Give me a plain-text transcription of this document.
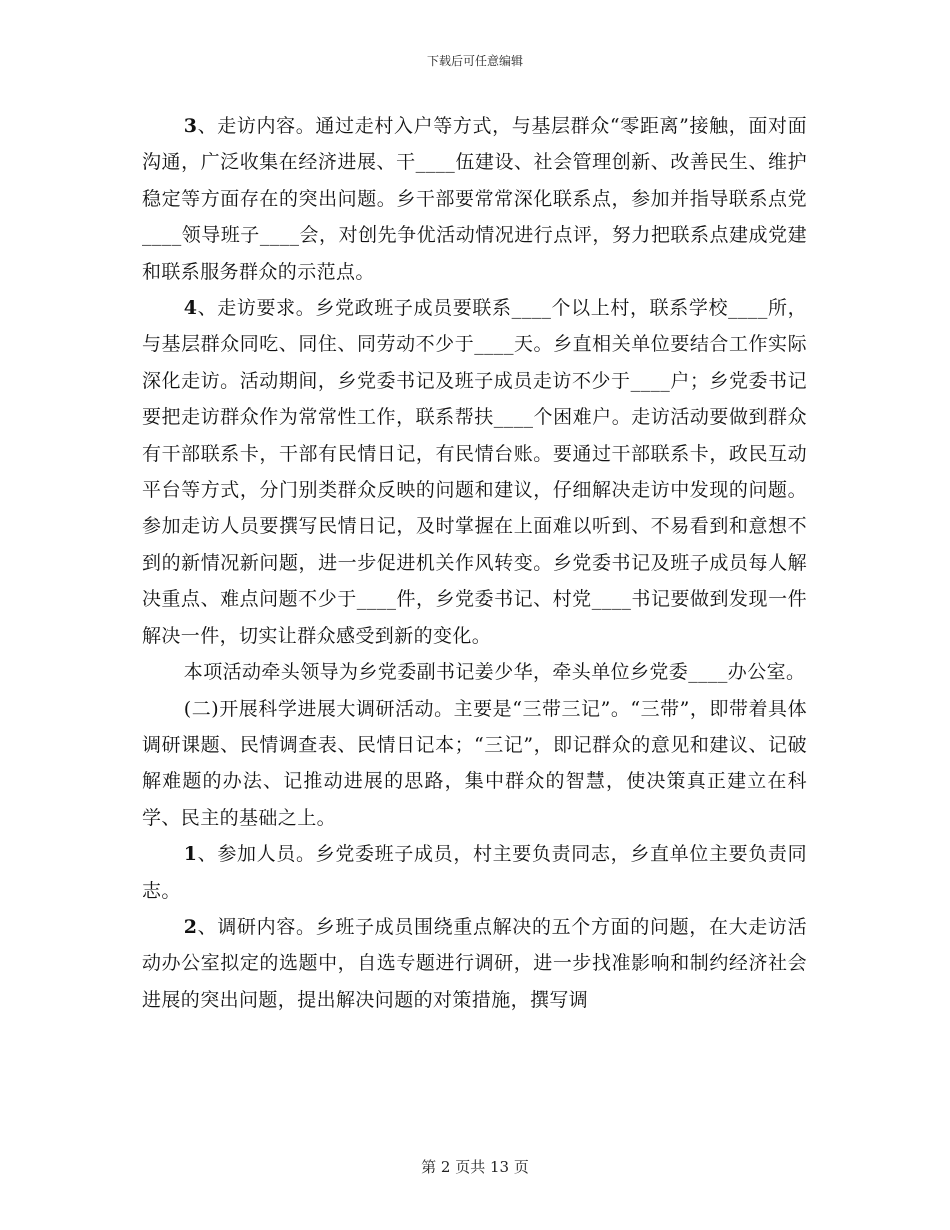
下载后可任意编辑

3、走访内容。通过走村入户等方式，与基层群众“零距离”接触，面对面沟通，广泛收集在经济进展、干____伍建设、社会管理创新、改善民生、维护稳定等方面存在的突出问题。乡干部要常常深化联系点，参加并指导联系点党____领导班子____会，对创先争优活动情况进行点评，努力把联系点建成党建和联系服务群众的示范点。

4、走访要求。乡党政班子成员要联系____个以上村，联系学校____所，与基层群众同吃、同住、同劳动不少于____天。乡直相关单位要结合工作实际深化走访。活动期间，乡党委书记及班子成员走访不少于____户；乡党委书记要把走访群众作为常常性工作，联系帮扶____个困难户。走访活动要做到群众有干部联系卡，干部有民情日记，有民情台账。要通过干部联系卡，政民互动平台等方式，分门别类群众反映的问题和建议，仔细解决走访中发现的问题。参加走访人员要撰写民情日记，及时掌握在上面难以听到、不易看到和意想不到的新情况新问题，进一步促进机关作风转变。乡党委书记及班子成员每人解决重点、难点问题不少于____件，乡党委书记、村党____书记要做到发现一件解决一件，切实让群众感受到新的变化。

本项活动牵头领导为乡党委副书记姜少华，牵头单位乡党委____办公室。

(二)开展科学进展大调研活动。主要是“三带三记”。“三带”，即带着具体调研课题、民情调查表、民情日记本；“三记”，即记群众的意见和建议、记破解难题的办法、记推动进展的思路，集中群众的智慧，使决策真正建立在科学、民主的基础之上。

1、参加人员。乡党委班子成员，村主要负责同志，乡直单位主要负责同志。

2、调研内容。乡班子成员围绕重点解决的五个方面的问题，在大走访活动办公室拟定的选题中，自选专题进行调研，进一步找准影响和制约经济社会进展的突出问题，提出解决问题的对策措施，撰写调

第 2 页共 13 页
